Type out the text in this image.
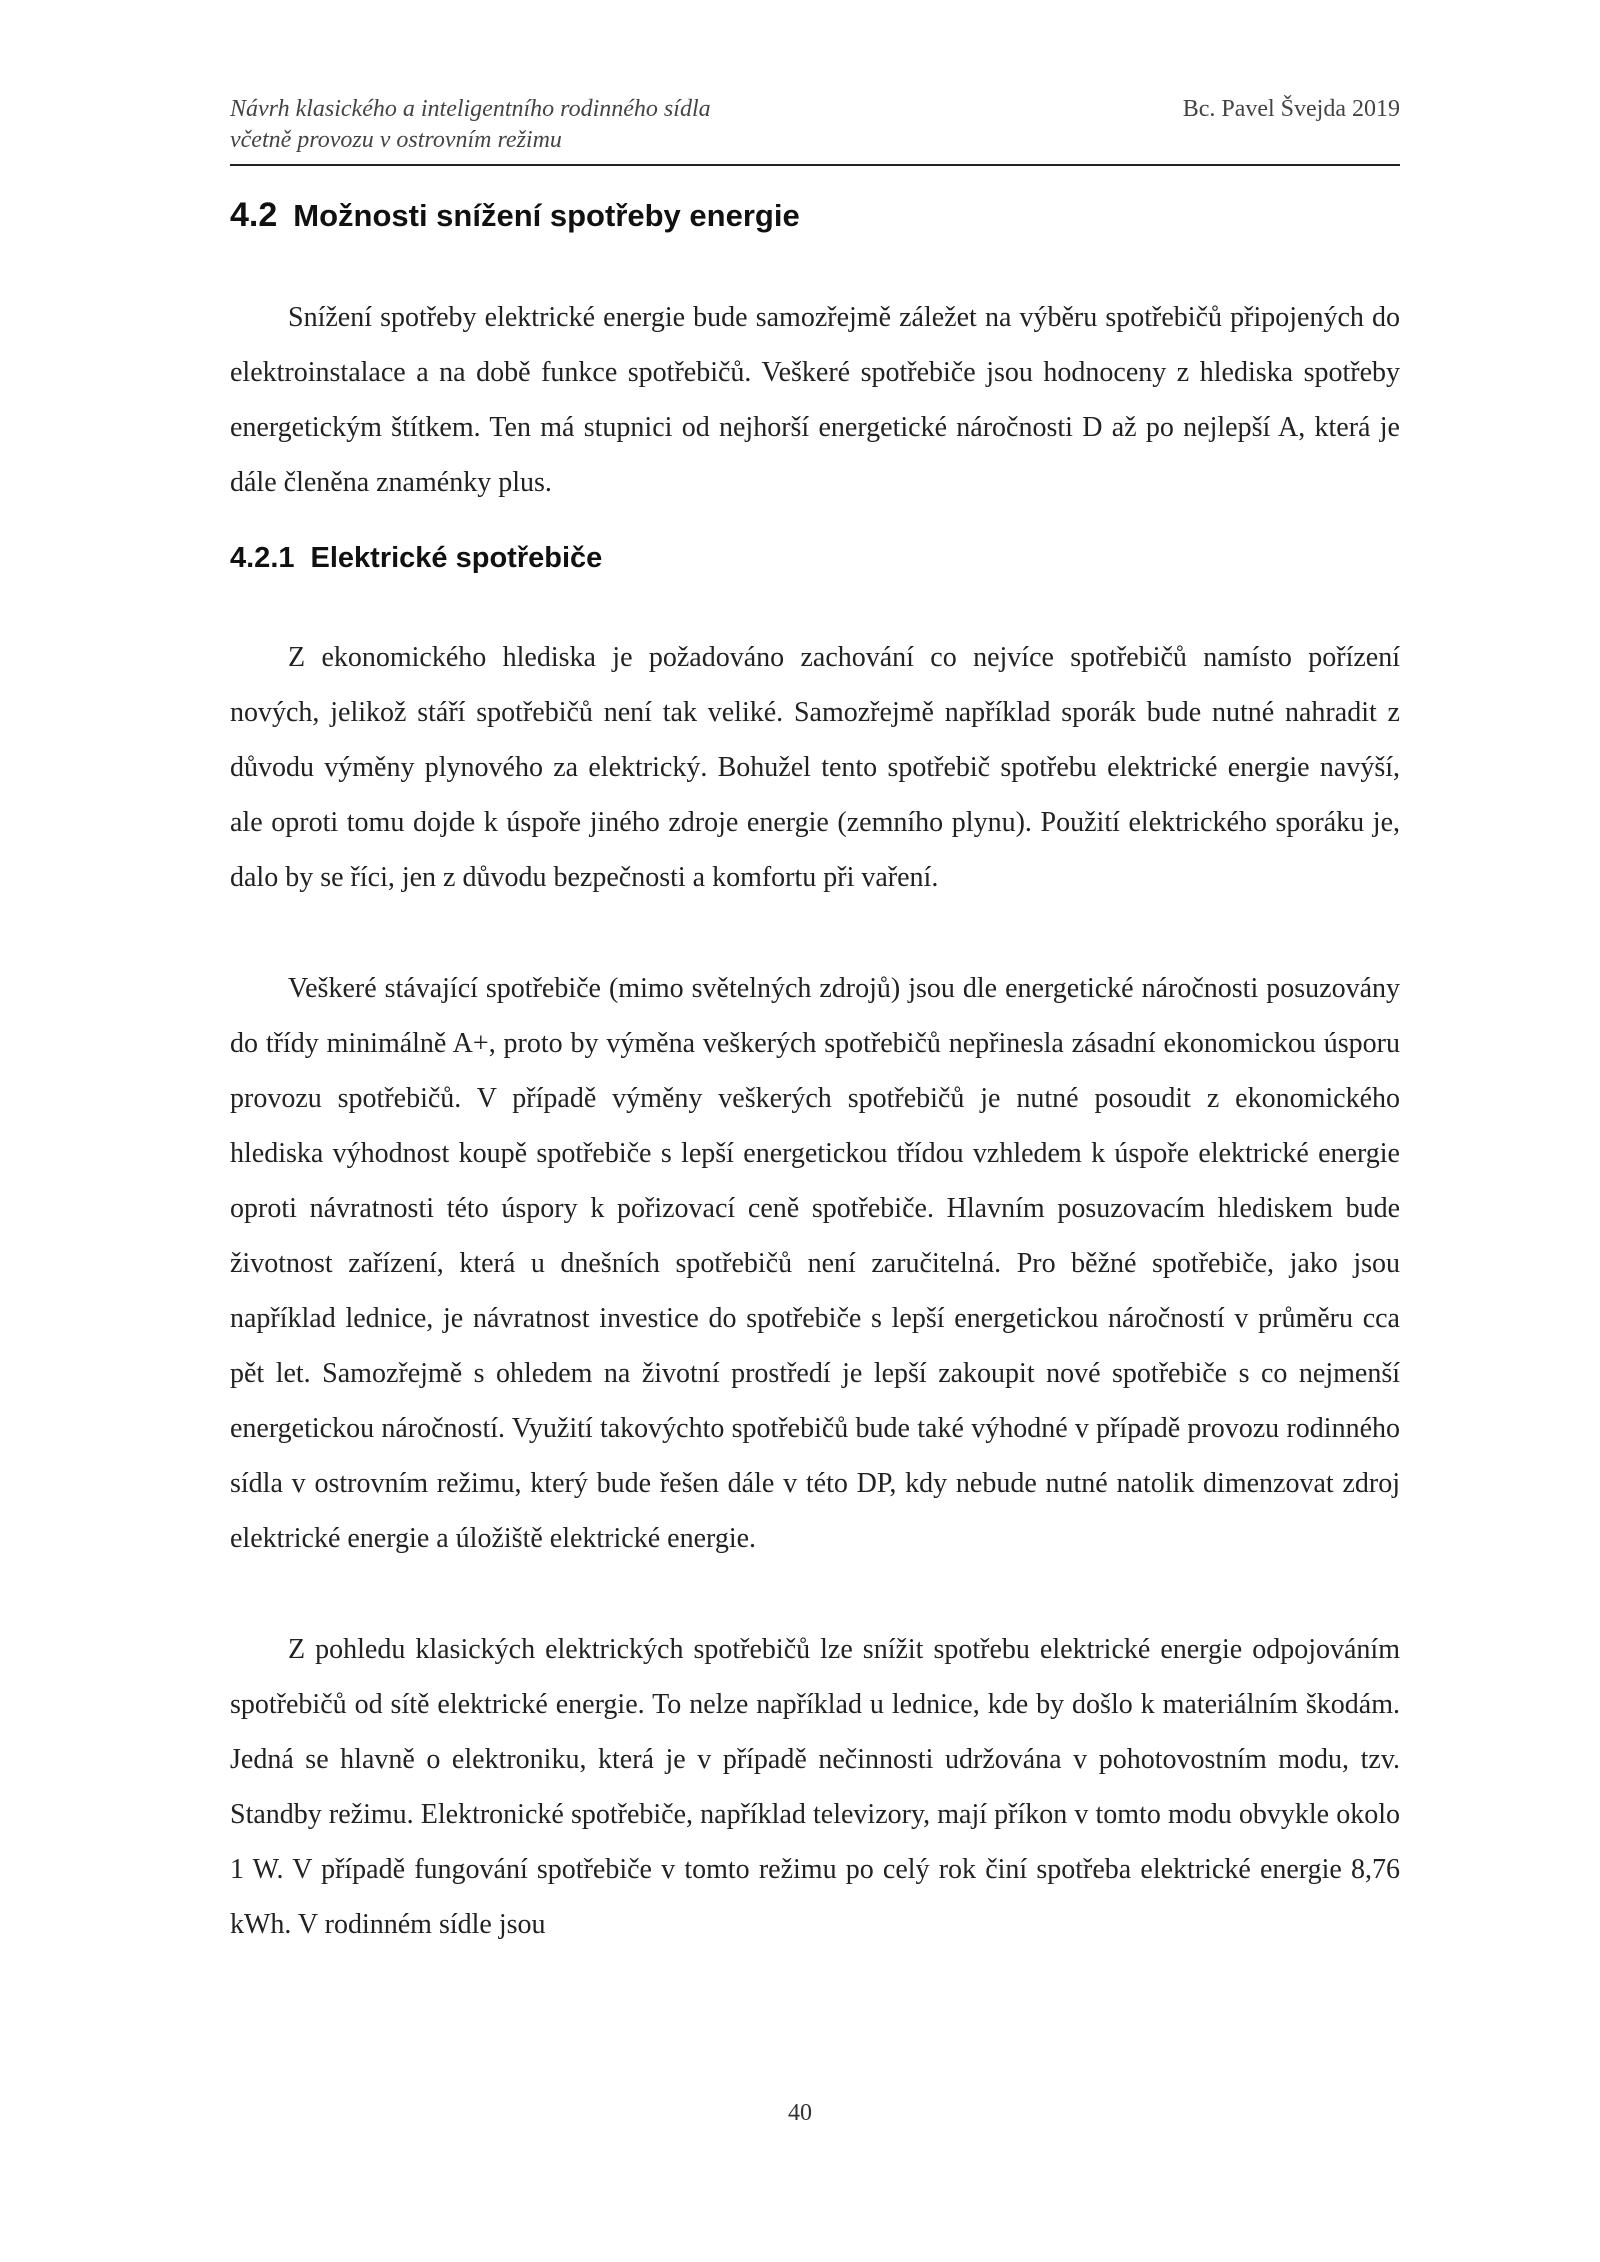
Návrh klasického a inteligentního rodinného sídla
včetně provozu v ostrovním režimu
Bc. Pavel Švejda 2019
4.2 Možnosti snížení spotřeby energie

Snížení spotřeby elektrické energie bude samozřejmě záležet na výběru spotřebičů připojených do elektroinstalace a na době funkce spotřebičů. Veškeré spotřebiče jsou hodnoceny z hlediska spotřeby energetickým štítkem. Ten má stupnici od nejhorší energetické náročnosti D až po nejlepší A, která je dále členěna znaménky plus.

4.2.1 Elektrické spotřebiče

Z ekonomického hlediska je požadováno zachování co nejvíce spotřebičů namísto pořízení nových, jelikož stáří spotřebičů není tak veliké. Samozřejmě například sporák bude nutné nahradit z důvodu výměny plynového za elektrický. Bohužel tento spotřebič spotřebu elektrické energie navýší, ale oproti tomu dojde k úspoře jiného zdroje energie (zemního plynu). Použití elektrického sporáku je, dalo by se říci, jen z důvodu bezpečnosti a komfortu při vaření.

Veškeré stávající spotřebiče (mimo světelných zdrojů) jsou dle energetické náročnosti posuzovány do třídy minimálně A+, proto by výměna veškerých spotřebičů nepřinesla zásadní ekonomickou úsporu provozu spotřebičů. V případě výměny veškerých spotřebičů je nutné posoudit z ekonomického hlediska výhodnost koupě spotřebiče s lepší energetickou třídou vzhledem k úspoře elektrické energie oproti návratnosti této úspory k pořizovací ceně spotřebiče. Hlavním posuzovacím hlediskem bude životnost zařízení, která u dnešních spotřebičů není zaručitelná. Pro běžné spotřebiče, jako jsou například lednice, je návratnost investice do spotřebiče s lepší energetickou náročností v průměru cca pět let. Samozřejmě s ohledem na životní prostředí je lepší zakoupit nové spotřebiče s co nejmenší energetickou náročností. Využití takovýchto spotřebičů bude také výhodné v případě provozu rodinného sídla v ostrovním režimu, který bude řešen dále v této DP, kdy nebude nutné natolik dimenzovat zdroj elektrické energie a úložiště elektrické energie.

Z pohledu klasických elektrických spotřebičů lze snížit spotřebu elektrické energie odpojováním spotřebičů od sítě elektrické energie. To nelze například u lednice, kde by došlo k materiálním škodám. Jedná se hlavně o elektroniku, která je v případě nečinnosti udržována v pohotovostním modu, tzv. Standby režimu. Elektronické spotřebiče, například televizory, mají příkon v tomto modu obvykle okolo 1 W. V případě fungování spotřebiče v tomto režimu po celý rok činí spotřeba elektrické energie 8,76 kWh. V rodinném sídle jsou

40
